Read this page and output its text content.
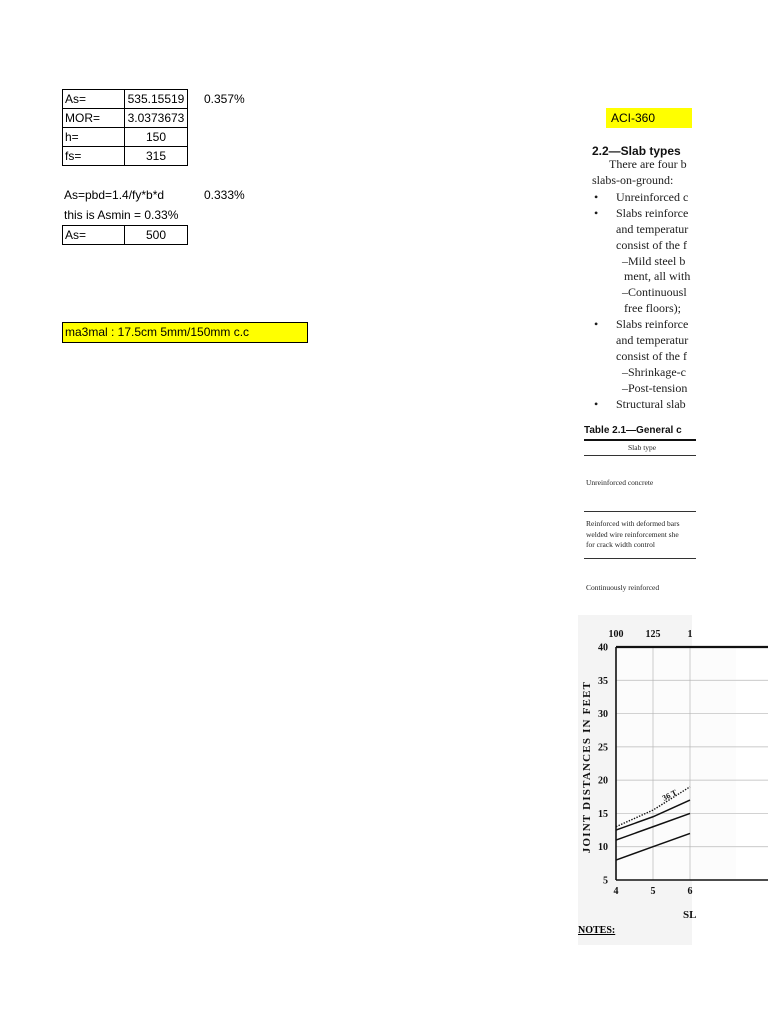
As=	535.15519
MOR=	3.0373673
h=	150
fs=	315
0.357%
As=pbd=1.4/fy*b*d	0.333%
this is Asmin = 0.33%
As=	500
ma3mal : 17.5cm 5mm/150mm c.c
ACI-360
2.2—Slab types
There are four b
slabs-on-ground:
• Unreinforced c
• Slabs reinforce
and temperatur
consist of the f
–Mild steel b
ment, all with
–Continuousl
free floors);
• Slabs reinforce
and temperatur
consist of the f
–Shrinkage-c
–Post-tension
• Structural slab
Table 2.1—General c
Slab type
Unreinforced concrete
Reinforced with deformed bars
welded wire reinforcement she
for crack width control
Continuously reinforced
40
35
30
25
20
15
10
5
4	5	6
100 125	1
36 T
JOINT DISTANCES IN FEET
SL
NOTES:
